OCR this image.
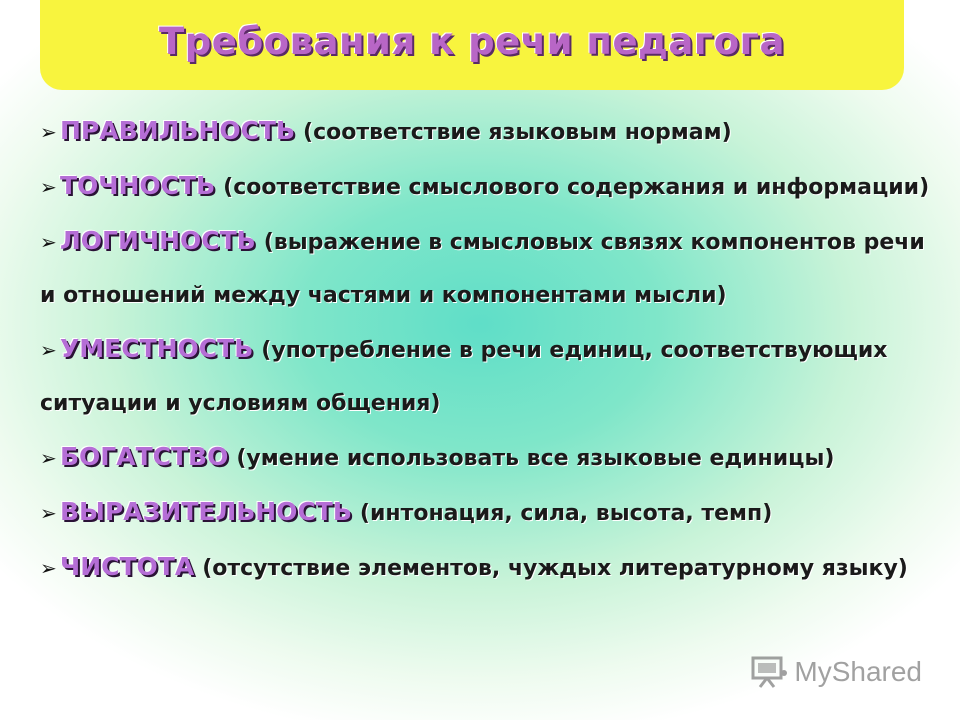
Требования к речи педагога
➢ ПРАВИЛЬНОСТЬ (соответствие языковым нормам)
➢ ТОЧНОСТЬ (соответствие смыслового содержания и информации)
➢ ЛОГИЧНОСТЬ (выражение в смысловых связях компонентов речи и отношений между частями и компонентами мысли)
➢ УМЕСТНОСТЬ (употребление в речи единиц, соответствующих ситуации и условиям общения)
➢ БОГАТСТВО (умение использовать все языковые единицы)
➢ ВЫРАЗИТЕЛЬНОСТЬ (интонация, сила, высота, темп)
➢ ЧИСТОТА (отсутствие элементов, чуждых литературному языку)
MyShared
